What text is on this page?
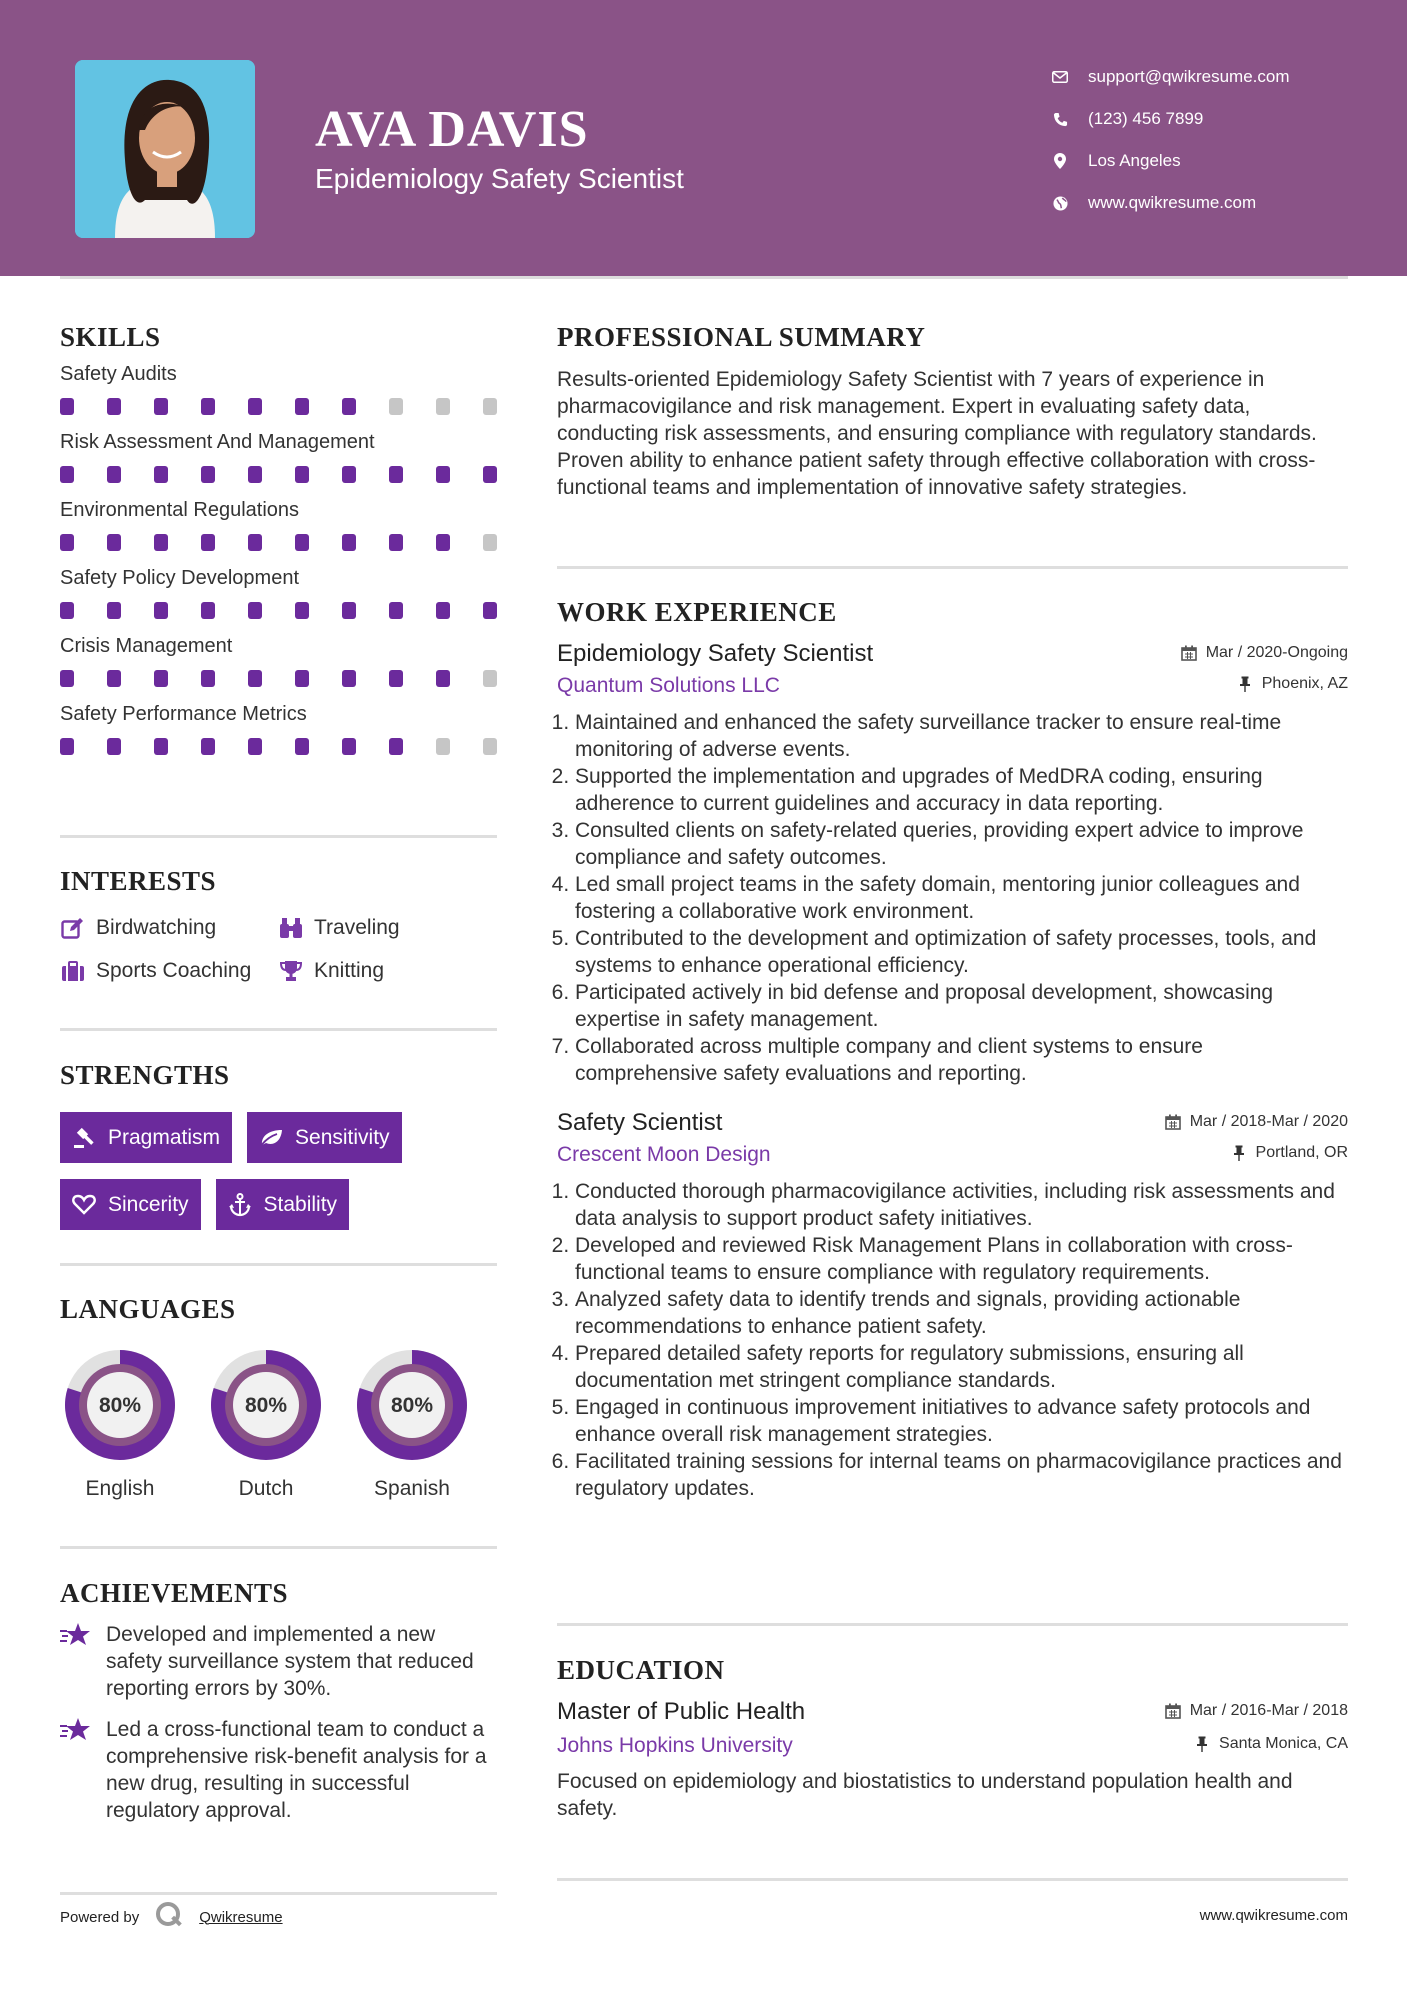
AVA DAVIS
Epidemiology Safety Scientist
support@qwikresume.com
(123) 456 7899
Los Angeles
www.qwikresume.com
SKILLS
Safety Audits
Risk Assessment And Management
Environmental Regulations
Safety Policy Development
Crisis Management
Safety Performance Metrics
INTERESTS
Birdwatching	Traveling
Sports Coaching	Knitting
STRENGTHS
Pragmatism	Sensitivity
Sincerity	Stability
LANGUAGES
80%
English
80%
Dutch
80%
Spanish
ACHIEVEMENTS
Developed and implemented a new safety surveillance system that reduced reporting errors by 30%.
Led a cross-functional team to conduct a comprehensive risk-benefit analysis for a new drug, resulting in successful regulatory approval.
Powered by	Qwikresume
PROFESSIONAL SUMMARY
Results-oriented Epidemiology Safety Scientist with 7 years of experience in pharmacovigilance and risk management. Expert in evaluating safety data, conducting risk assessments, and ensuring compliance with regulatory standards. Proven ability to enhance patient safety through effective collaboration with cross-functional teams and implementation of innovative safety strategies.
WORK EXPERIENCE
Epidemiology Safety Scientist	Mar / 2020-Ongoing
Quantum Solutions LLC	Phoenix, AZ
1. Maintained and enhanced the safety surveillance tracker to ensure real-time monitoring of adverse events.
2. Supported the implementation and upgrades of MedDRA coding, ensuring adherence to current guidelines and accuracy in data reporting.
3. Consulted clients on safety-related queries, providing expert advice to improve compliance and safety outcomes.
4. Led small project teams in the safety domain, mentoring junior colleagues and fostering a collaborative work environment.
5. Contributed to the development and optimization of safety processes, tools, and systems to enhance operational efficiency.
6. Participated actively in bid defense and proposal development, showcasing expertise in safety management.
7. Collaborated across multiple company and client systems to ensure comprehensive safety evaluations and reporting.
Safety Scientist	Mar / 2018-Mar / 2020
Crescent Moon Design	Portland, OR
1. Conducted thorough pharmacovigilance activities, including risk assessments and data analysis to support product safety initiatives.
2. Developed and reviewed Risk Management Plans in collaboration with cross-functional teams to ensure compliance with regulatory requirements.
3. Analyzed safety data to identify trends and signals, providing actionable recommendations to enhance patient safety.
4. Prepared detailed safety reports for regulatory submissions, ensuring all documentation met stringent compliance standards.
5. Engaged in continuous improvement initiatives to advance safety protocols and enhance overall risk management strategies.
6. Facilitated training sessions for internal teams on pharmacovigilance practices and regulatory updates.
EDUCATION
Master of Public Health	Mar / 2016-Mar / 2018
Johns Hopkins University	Santa Monica, CA
Focused on epidemiology and biostatistics to understand population health and safety.
www.qwikresume.com
